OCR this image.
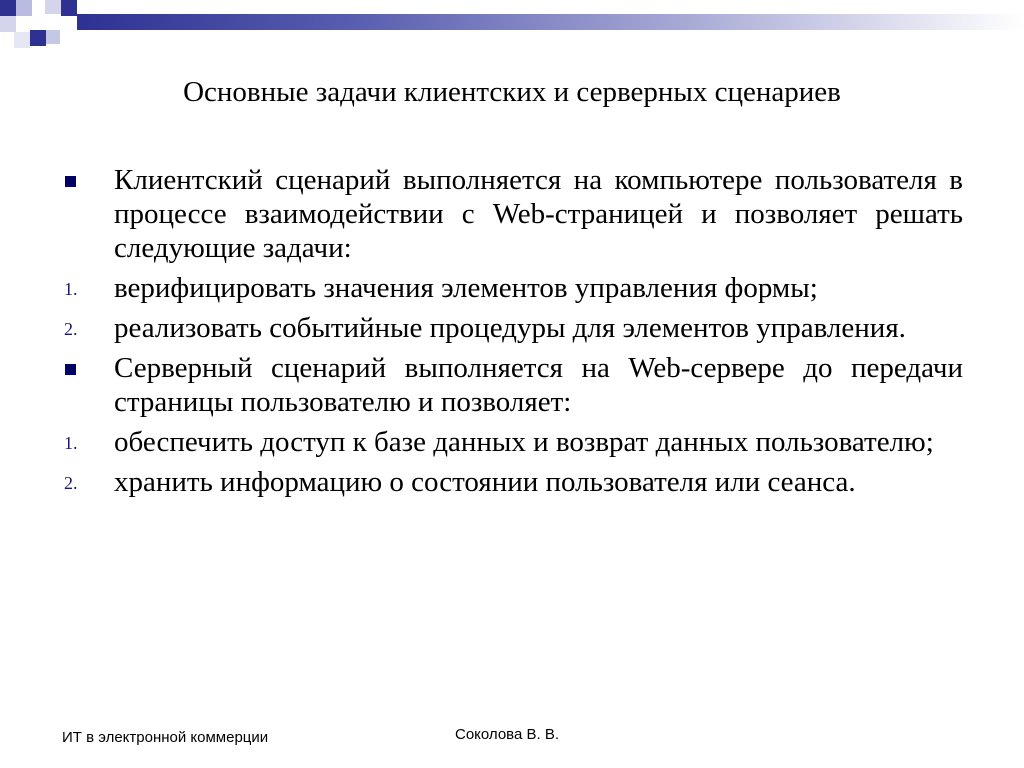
Основные задачи клиентских и серверных сценариев
Клиентский сценарий выполняется на компьютере пользователя в процессе взаимодействии с Web-страницей и позволяет решать следующие задачи:
1. верифицировать значения элементов управления формы;
2. реализовать событийные процедуры для элементов управления.
Серверный сценарий выполняется на Web-сервере до передачи страницы пользователю и позволяет:
1. обеспечить доступ к базе данных и возврат данных пользователю;
2. хранить информацию о состоянии пользователя или сеанса.
ИТ в электронной коммерции	Соколова В. В.
